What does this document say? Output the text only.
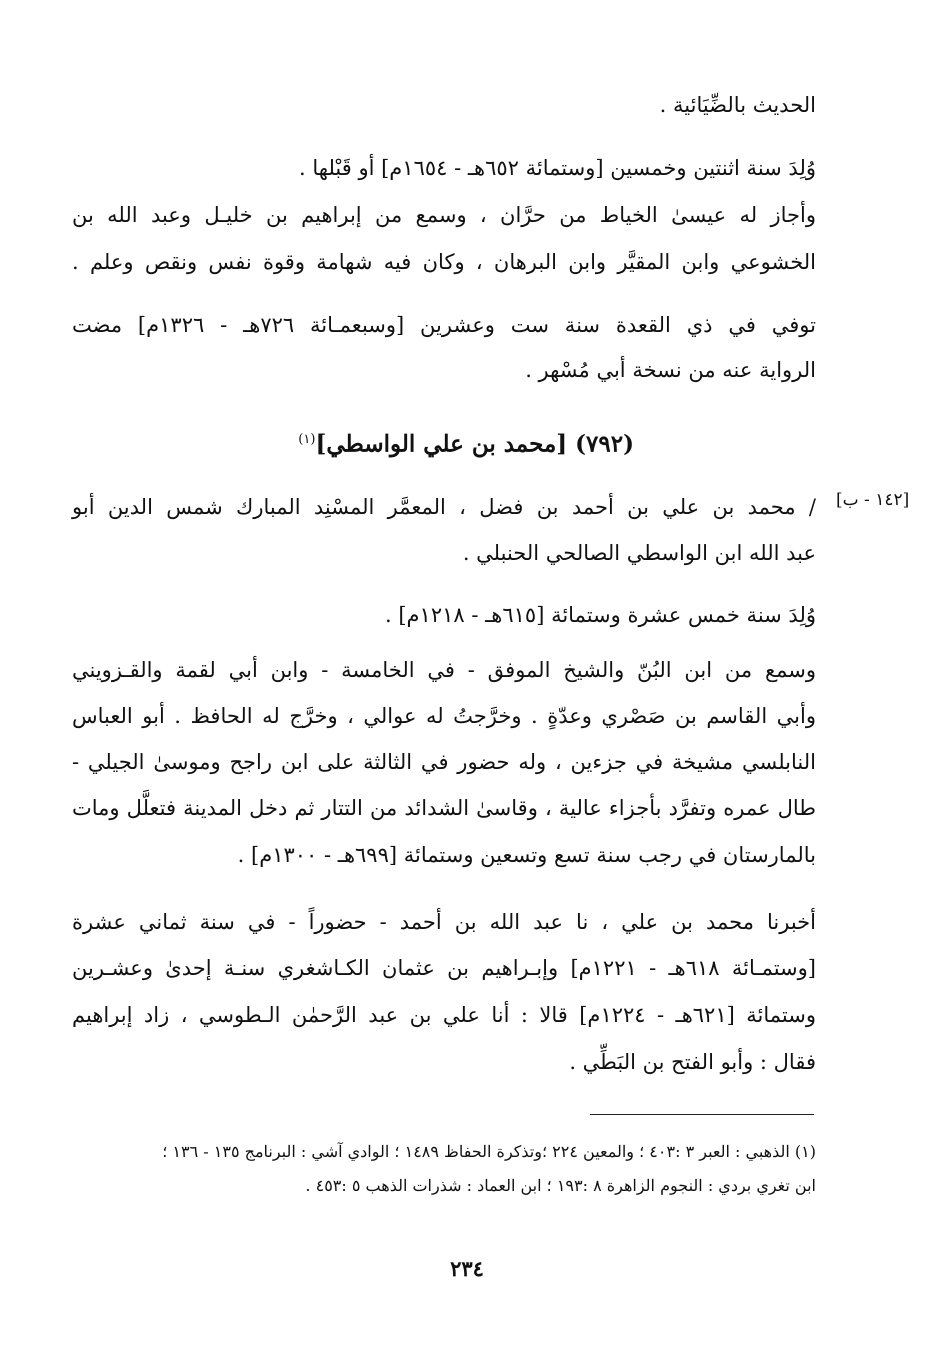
الحديث بالضِّيَائية .
وُلِدَ سنة اثنتين وخمسين [وستمائة ٦٥٢هـ - ١٦٥٤م] أو قَبْلها .
وأجاز له عيسىٰ الخياط من حرَّان ، وسمع من إبراهيم بن خليـل وعبد الله بن
الخشوعي وابن المقيَّر وابن البرهان ، وكان فيه شهامة وقوة نفس ونقص وعلم .
توفي في ذي القعدة سنة ست وعشرين [وسبعمـائة ٧٢٦هـ - ١٣٢٦م] مضت
الرواية عنه من نسخة أبي مُسْهر .
(٧٩٢) [محمد بن علي الواسطي]$^{(١)}$
[١٤٢ - ب]
/ محمد بن علي بن أحمد بن فضل ، المعمَّر المسْنِد المبارك شمس الدين أبو
عبد الله ابن الواسطي الصالحي الحنبلي .
وُلِدَ سنة خمس عشرة وستمائة [٦١٥هـ - ١٢١٨م] .
وسمع من ابن البُنّ والشيخ الموفق - في الخامسة - وابن أبي لقمة والقـزويني
وأبي القاسم بن صَصْري وعدّةٍ . وخرَّجتُ له عوالي ، وخرَّج له الحافظ . أبو العباس
النابلسي مشيخة في جزءين ، وله حضور في الثالثة على ابن راجح وموسىٰ الجيلي -
طال عمره وتفرَّد بأجزاء عالية ، وقاسىٰ الشدائد من التتار ثم دخل المدينة فتعلَّل ومات
بالمارستان في رجب سنة تسع وتسعين وستمائة [٦٩٩هـ - ١٣٠٠م] .
أخبرنا محمد بن علي ، نا عبد الله بن أحمد - حضوراً - في سنة ثماني عشرة
[وستمـائة ٦١٨هـ - ١٢٢١م] وإبـراهيم بن عثمان الكـاشغري سنـة إحدىٰ وعشـرين
وستمائة [٦٢١هـ - ١٢٢٤م] قالا : أنا علي بن عبد الرَّحمٰن الـطوسي ، زاد إبراهيم
فقال : وأبو الفتح بن البَطِّي .
(١) الذهبي : العبر ٣ :٤٠٣ ؛ والمعين ٢٢٤ ؛وتذكرة الحفاظ ١٤٨٩ ؛ الوادي آشي : البرنامج ١٣٥ - ١٣٦ ؛
ابن تغري بردي : النجوم الزاهرة ٨ :١٩٣ ؛ ابن العماد : شذرات الذهب ٥ :٤٥٣ .
٢٣٤
